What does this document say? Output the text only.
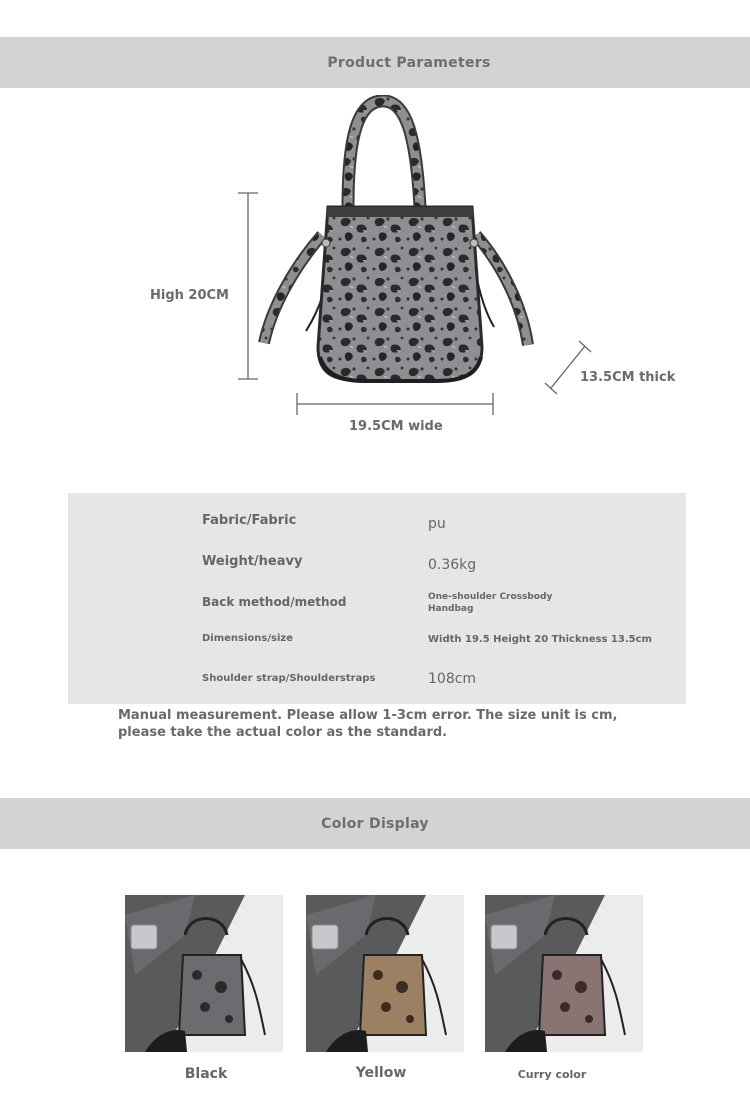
Product Parameters
High 20CM
19.5CM wide
13.5CM thick
Fabric/Fabric	pu
Weight/heavy	0.36kg
Back method/method	One-shoulder Crossbody
Handbag
Dimensions/size	Width 19.5 Height 20 Thickness 13.5cm
Shoulder strap/Shoulderstraps	108cm
Manual measurement. Please allow 1-3cm error. The size unit is cm,
please take the actual color as the standard.
Color Display
Black	Yellow	Curry color
